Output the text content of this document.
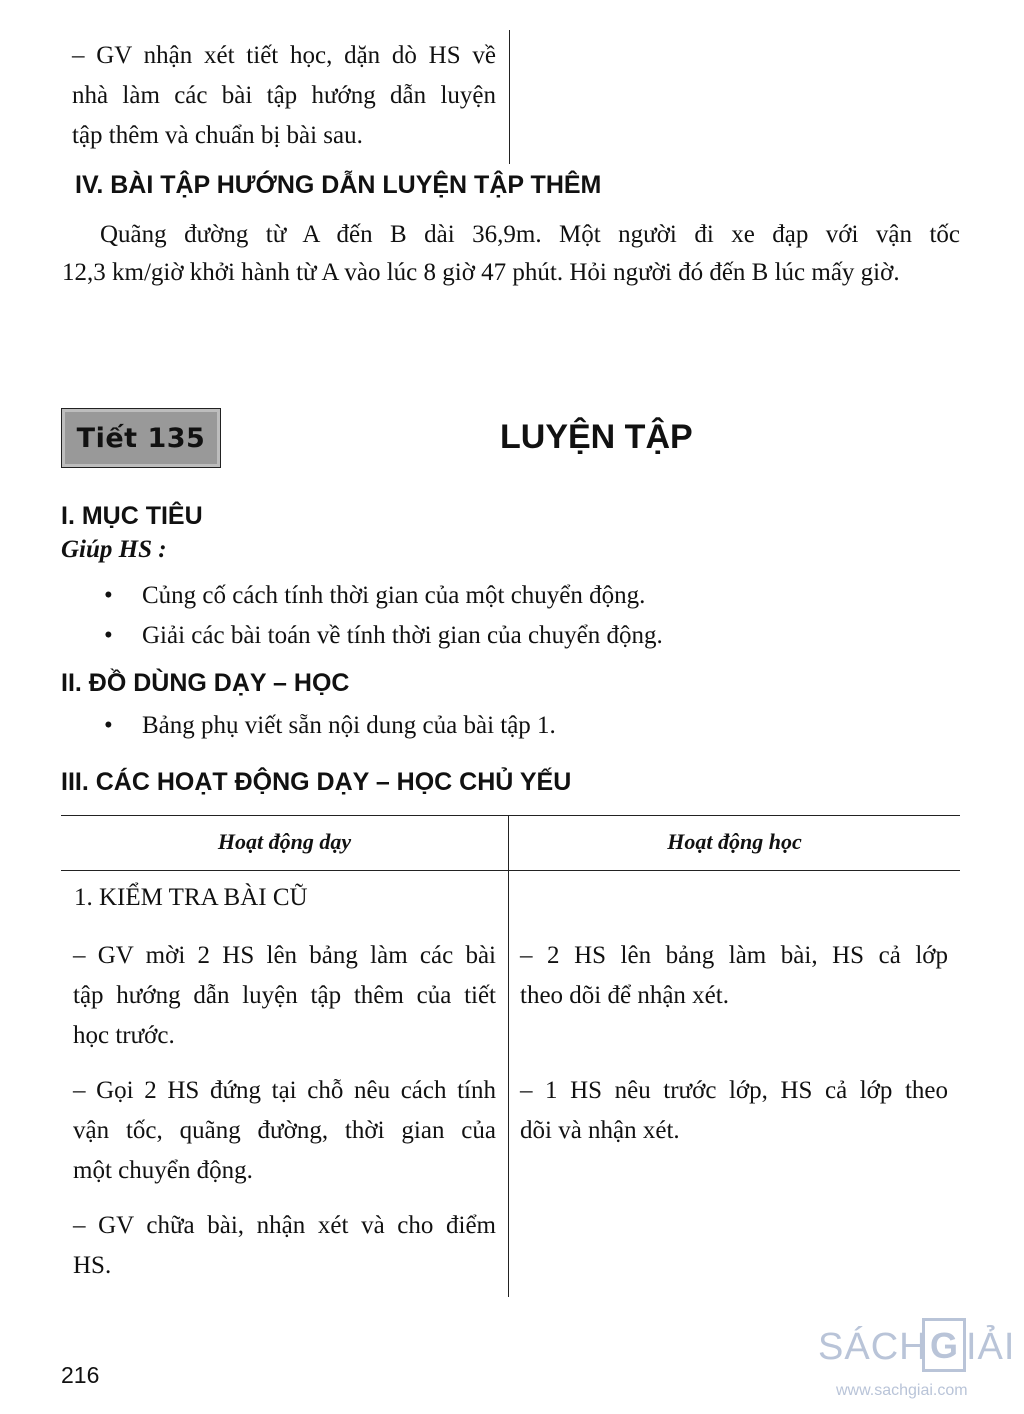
– GV nhận xét tiết học, dặn dò HS về
nhà làm các bài tập hướng dẫn luyện
tập thêm và chuẩn bị bài sau.
IV. BÀI TẬP HƯỚNG DẪN LUYỆN TẬP THÊM
Quãng đường từ A đến B dài 36,9m. Một người đi xe đạp với vận tốc
12,3 km/giờ khởi hành từ A vào lúc 8 giờ 47 phút. Hỏi người đó đến B lúc mấy giờ.
Tiết 135	LUYỆN TẬP
I. MỤC TIÊU
Giúp HS :
• Củng cố cách tính thời gian của một chuyển động.
• Giải các bài toán về tính thời gian của chuyển động.
II. ĐỒ DÙNG DẠY – HỌC
• Bảng phụ viết sẵn nội dung của bài tập 1.
III. CÁC HOẠT ĐỘNG DẠY – HỌC CHỦ YẾU
Hoạt động dạy	Hoạt động học
1. KIỂM TRA BÀI CŨ
– GV mời 2 HS lên bảng làm các bài
tập hướng dẫn luyện tập thêm của tiết
học trước.
– 2 HS lên bảng làm bài, HS cả lớp
theo dõi để nhận xét.
– Gọi 2 HS đứng tại chỗ nêu cách tính
vận tốc, quãng đường, thời gian của
một chuyển động.
– 1 HS nêu trước lớp, HS cả lớp theo
dõi và nhận xét.
– GV chữa bài, nhận xét và cho điểm
HS.
216
SÁCH G IẢI
www.sachgiai.com
